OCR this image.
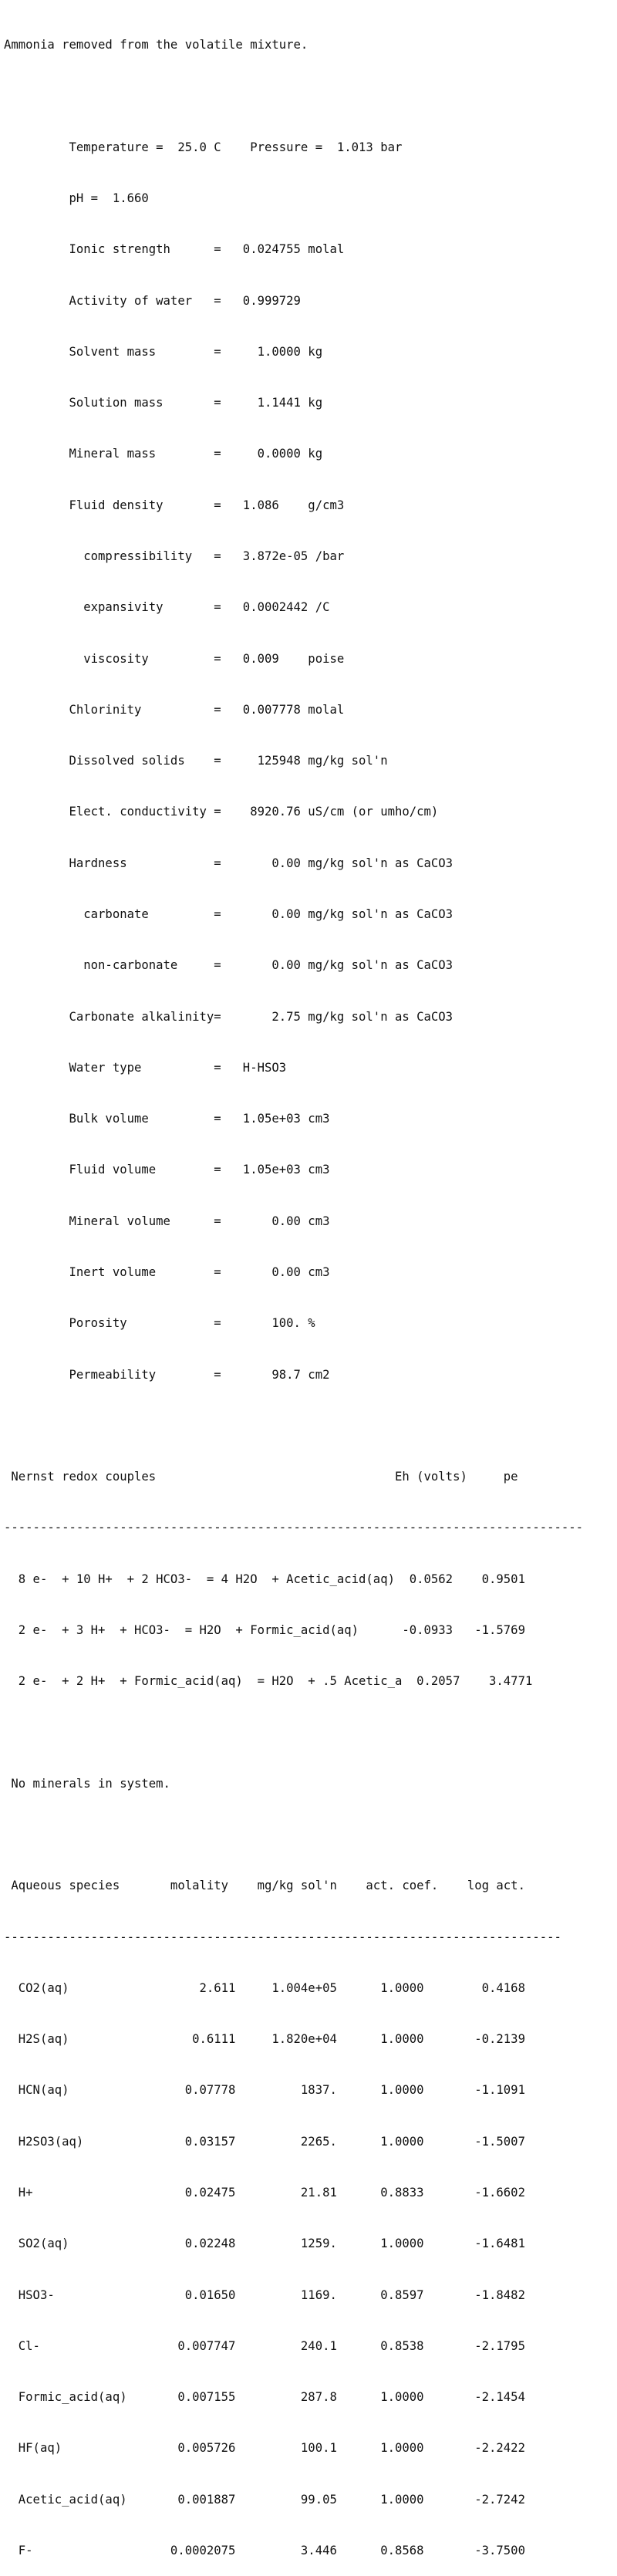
Ammonia removed from the volatile mixture.

Temperature =  25.0 C    Pressure =  1.013 bar

pH =  1.660

Ionic strength      =   0.024755 molal

Activity of water   =   0.999729

Solvent mass        =     1.0000 kg

Solution mass       =     1.1441 kg

Mineral mass        =     0.0000 kg

Fluid density       =   1.086    g/cm3

compressibility   =   3.872e-05 /bar

expansivity       =   0.0002442 /C

viscosity         =   0.009    poise

Chlorinity          =   0.007778 molal

Dissolved solids    =     125948 mg/kg sol'n

Elect. conductivity =    8920.76 uS/cm (or umho/cm)

Hardness            =       0.00 mg/kg sol'n as CaCO3

carbonate         =       0.00 mg/kg sol'n as CaCO3

non-carbonate     =       0.00 mg/kg sol'n as CaCO3

Carbonate alkalinity=       2.75 mg/kg sol'n as CaCO3

Water type          =   H-HSO3

Bulk volume         =   1.05e+03 cm3

Fluid volume        =   1.05e+03 cm3

Mineral volume      =       0.00 cm3

Inert volume        =       0.00 cm3

Porosity            =       100. %

Permeability        =       98.7 cm2

Nernst redox couples                                 Eh (volts)     pe

--------------------------------------------------------------------------------

8 e-  + 10 H+  + 2 HCO3-  = 4 H2O  + Acetic_acid(aq)  0.0562    0.9501

2 e-  + 3 H+  + HCO3-  = H2O  + Formic_acid(aq)      -0.0933   -1.5769

2 e-  + 2 H+  + Formic_acid(aq)  = H2O  + .5 Acetic_a  0.2057    3.4771

No minerals in system.

Aqueous species       molality    mg/kg sol'n    act. coef.    log act.

-----------------------------------------------------------------------------

CO2(aq)                  2.611     1.004e+05      1.0000        0.4168

H2S(aq)                 0.6111     1.820e+04      1.0000       -0.2139

HCN(aq)                0.07778         1837.      1.0000       -1.1091

H2SO3(aq)              0.03157         2265.      1.0000       -1.5007

H+                     0.02475         21.81      0.8833       -1.6602

SO2(aq)                0.02248         1259.      1.0000       -1.6481

HSO3-                  0.01650         1169.      0.8597       -1.8482

Cl-                   0.007747         240.1      0.8538       -2.1795

Formic_acid(aq)       0.007155         287.8      1.0000       -2.1454

HF(aq)                0.005726         100.1      1.0000       -2.2422

Acetic_acid(aq)       0.001887         99.05      1.0000       -2.7242

F-                   0.0002075         3.446      0.8568       -3.7500
